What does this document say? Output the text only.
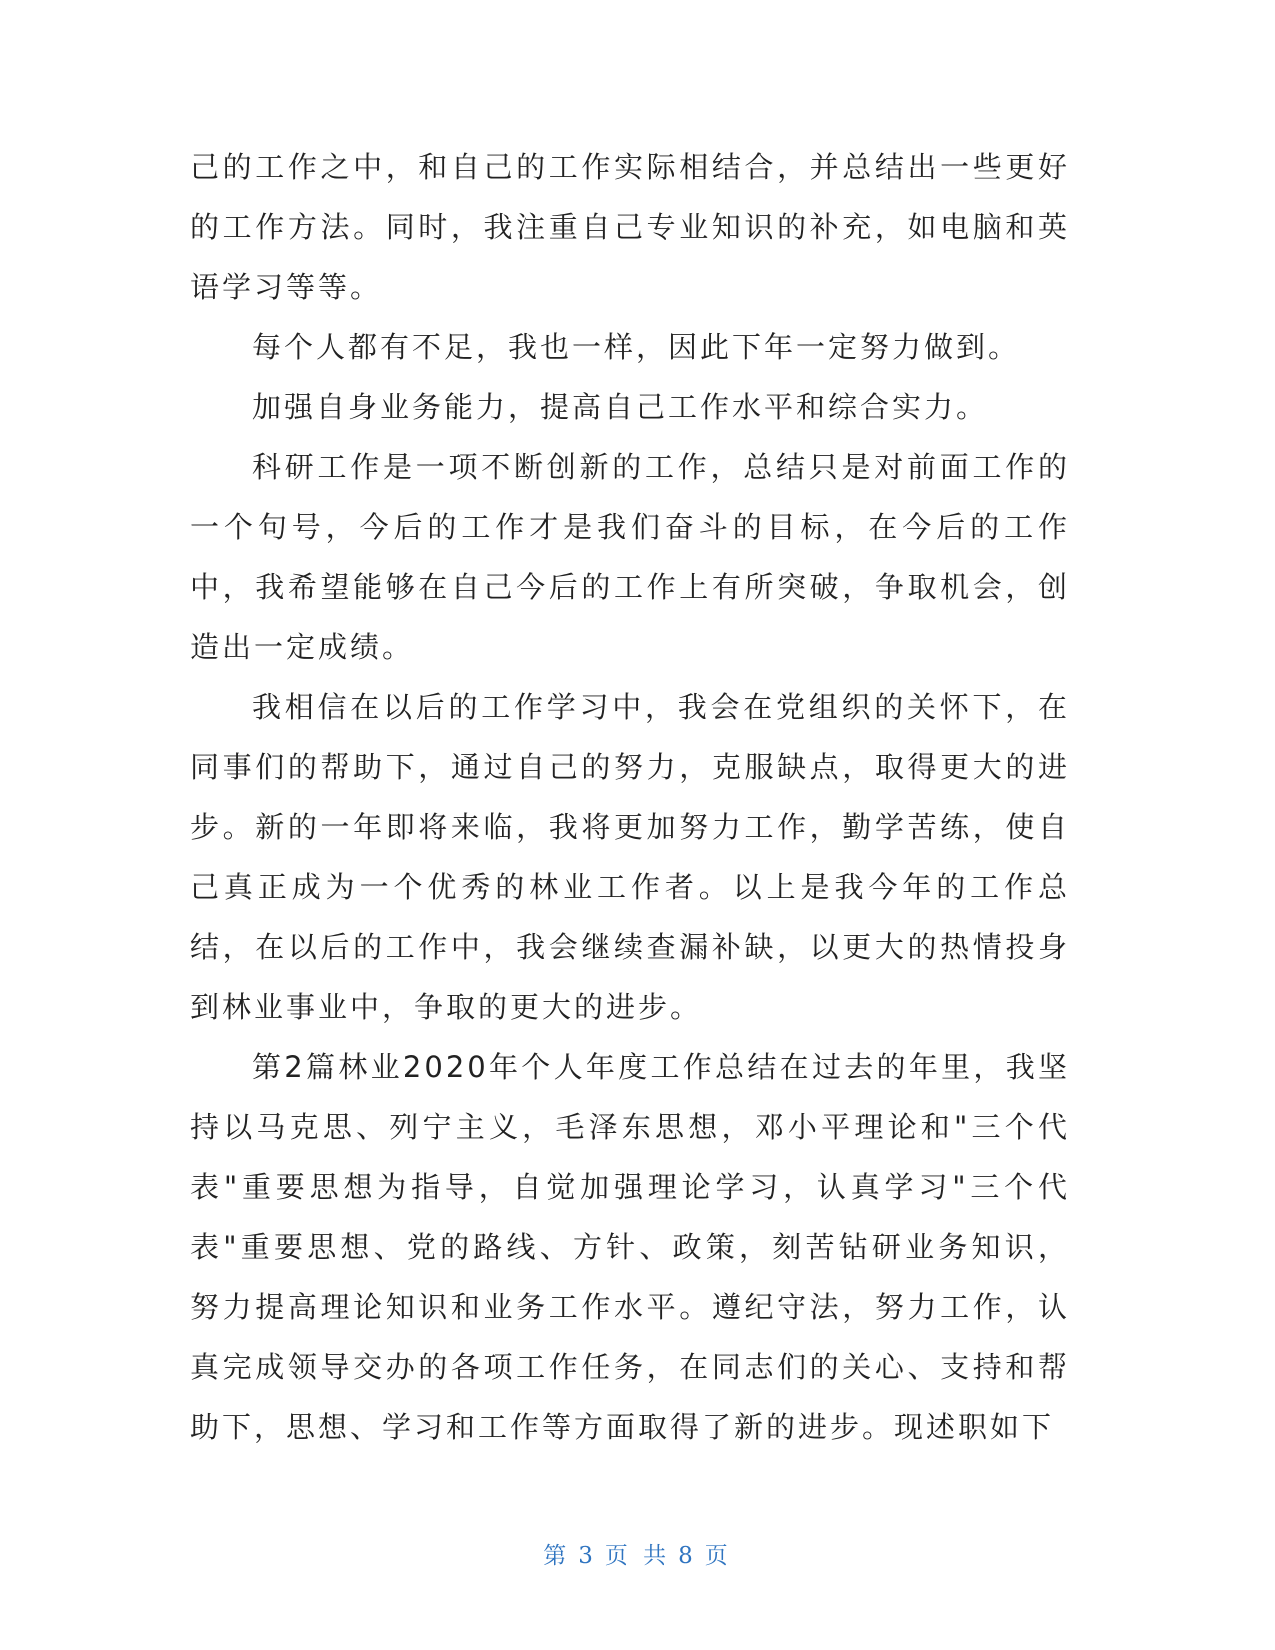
己的工作之中，和自己的工作实际相结合，并总结出一些更好的工作方法。同时，我注重自己专业知识的补充，如电脑和英语学习等等。

每个人都有不足，我也一样，因此下年一定努力做到。

加强自身业务能力，提高自己工作水平和综合实力。

科研工作是一项不断创新的工作，总结只是对前面工作的一个句号，今后的工作才是我们奋斗的目标，在今后的工作中，我希望能够在自己今后的工作上有所突破，争取机会，创造出一定成绩。

我相信在以后的工作学习中，我会在党组织的关怀下，在同事们的帮助下，通过自己的努力，克服缺点，取得更大的进步。新的一年即将来临，我将更加努力工作，勤学苦练，使自己真正成为一个优秀的林业工作者。以上是我今年的工作总结，在以后的工作中，我会继续查漏补缺，以更大的热情投身到林业事业中，争取的更大的进步。

第2篇林业2020年个人年度工作总结在过去的年里，我坚持以马克思、列宁主义，毛泽东思想，邓小平理论和"三个代表"重要思想为指导，自觉加强理论学习，认真学习"三个代表"重要思想、党的路线、方针、政策，刻苦钻研业务知识，努力提高理论知识和业务工作水平。遵纪守法，努力工作，认真完成领导交办的各项工作任务，在同志们的关心、支持和帮助下，思想、学习和工作等方面取得了新的进步。现述职如下

第 3 页 共 8 页
